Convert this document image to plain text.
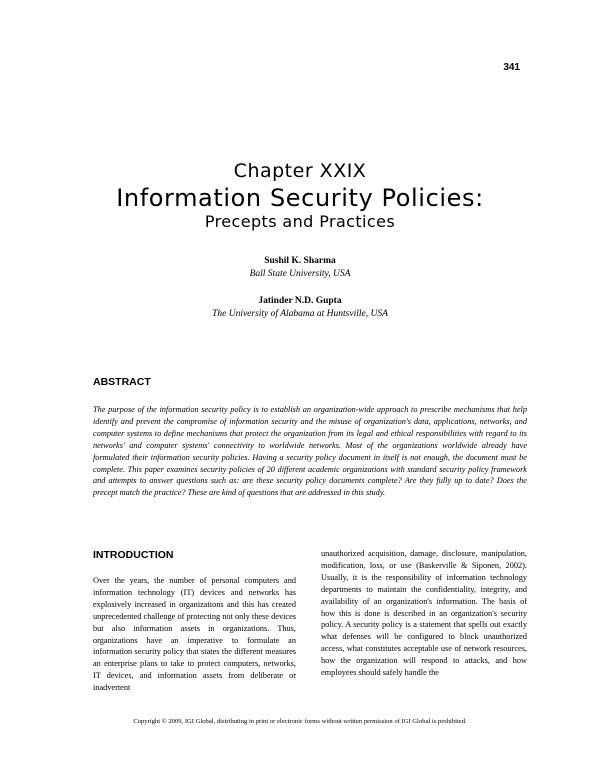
341
Chapter XXIX
Information Security Policies:
Precepts and Practices
Sushil K. Sharma
Ball State University, USA
Jatinder N.D. Gupta
The University of Alabama at Huntsville, USA
ABSTRACT

The purpose of the information security policy is to establish an organization-wide approach to prescribe mechanisms that help identify and prevent the compromise of information security and the misuse of organization's data, applications, networks, and computer systems to define mechanisms that protect the organization from its legal and ethical responsibilities with regard to its networks' and computer systems' connectivity to worldwide networks. Most of the organizations worldwide already have formulated their information security policies. Having a security policy document in itself is not enough, the document must be complete. This paper examines security policies of 20 different academic organizations with standard security policy framework and attempts to answer questions such as: are these security policy documents complete? Are they fully up to date? Does the precept match the practice? These are kind of questions that are addressed in this study.

INTRODUCTION

Over the years, the number of personal computers and information technology (IT) devices and networks has explosively increased in organizations and this has created unprecedented challenge of protecting not only these devices but also information assets in organizations. Thus, organizations have an imperative to formulate an information security policy that states the different measures an enterprise plans to take to protect computers, networks, IT devices, and information assets from deliberate or inadvertent

unauthorized acquisition, damage, disclosure, manipulation, modification, loss, or use (Baskerville & Siponen, 2002). Usually, it is the responsibility of information technology departments to maintain the confidentiality, integrity, and availability of an organization's information. The basis of how this is done is described in an organization's security policy. A security policy is a statement that spells out exactly what defenses will be configured to block unauthorized access, what constitutes acceptable use of network resources, how the organization will respond to attacks, and how employees should safely handle the

Copyright © 2009, IGI Global, distributing in print or electronic forms without written permission of IGI Global is prohibited.
